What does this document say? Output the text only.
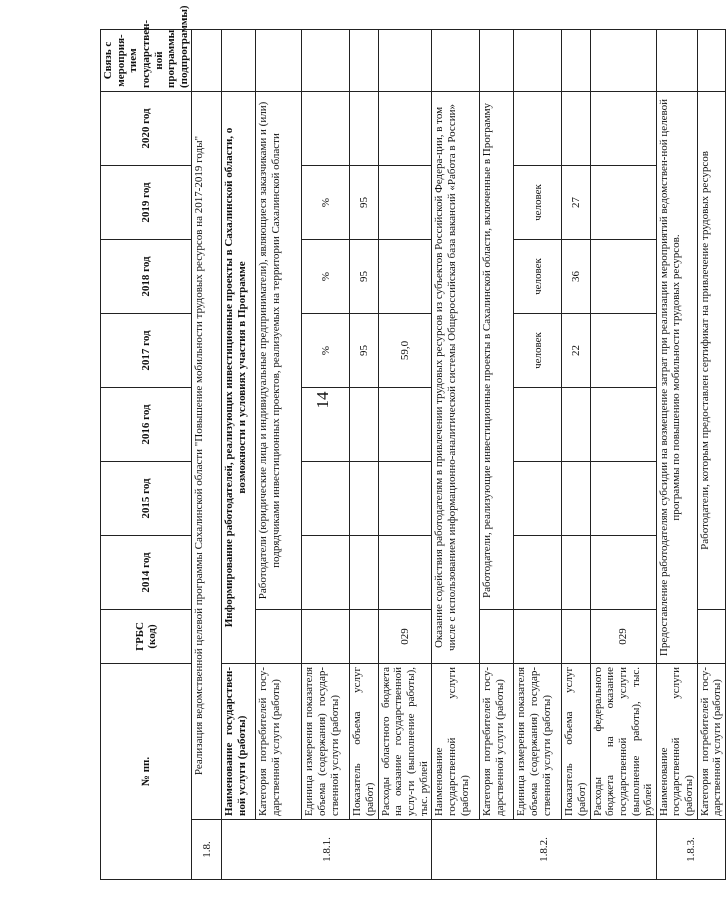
14
№ пп.		ГРБС (код)	2014 год	2015 год	2016 год	2017 год	2018 год	2019 год	2020 год	Связь с мероприя-тием государствен-ной программы (подпрограммы)
1.8.	Реализация ведомственной целевой программы Сахалинской области "Повышение мобильности трудовых ресурсов на 2017-2019 годы"									
1.8.1.	Наименование государствен-ной услуги (работы)	Информирование работодателей, реализующих инвестиционные проекты в Сахалинской области, о возможности и условиях участия в Программе								
	Категория потребителей госу-дарственной услуги (работы)		Работодатели (юридические лица и индивидуальные предприниматели), являющиеся заказчиками и (или) подрядчиками инвестиционных проектов, реализуемых на территории Сахалинской области							
	Единица измерения показателя объема (содержания) государ-ственной услуги (работы)					%	%	%		
	Показатель объема услуг (работ)					95	95	95		
	Расходы областного бюджета на оказание государственной услу-ги (выполнение работы), тыс. рублей	029				59,0				
1.8.2.	Наименование государственной услуги (работы)	Оказание содействия работодателям в привлечении трудовых ресурсов из субъектов Российской Федера-ции, в том числе с использованием информационно-аналитической системы Общероссийская база вакансий «Работа в России»								
	Категория потребителей госу-дарственной услуги (работы)		Работодатели, реализующие инвестиционные проекты в Сахалинской области, включенные в Программу							
	Единица измерения показателя объема (содержания) государ-ственной услуги (работы)					человек	человек	человек		
	Показатель объема услуг (работ)					22	36	27		
	Расходы федерального бюджета на оказание государственной услуги (выполнение работы), тыс. рублей	029								
1.8.3.	Наименование государственной услуги (работы)	Предоставление работодателям субсидии на возмещение затрат при реализации мероприятий ведомствен-ной целевой программы по повышению мобильности трудовых ресурсов.								
	Категория потребителей госу-дарственной услуги (работы)		Работодатели, которым предоставлен сертификат на привлечение трудовых ресурсов							
